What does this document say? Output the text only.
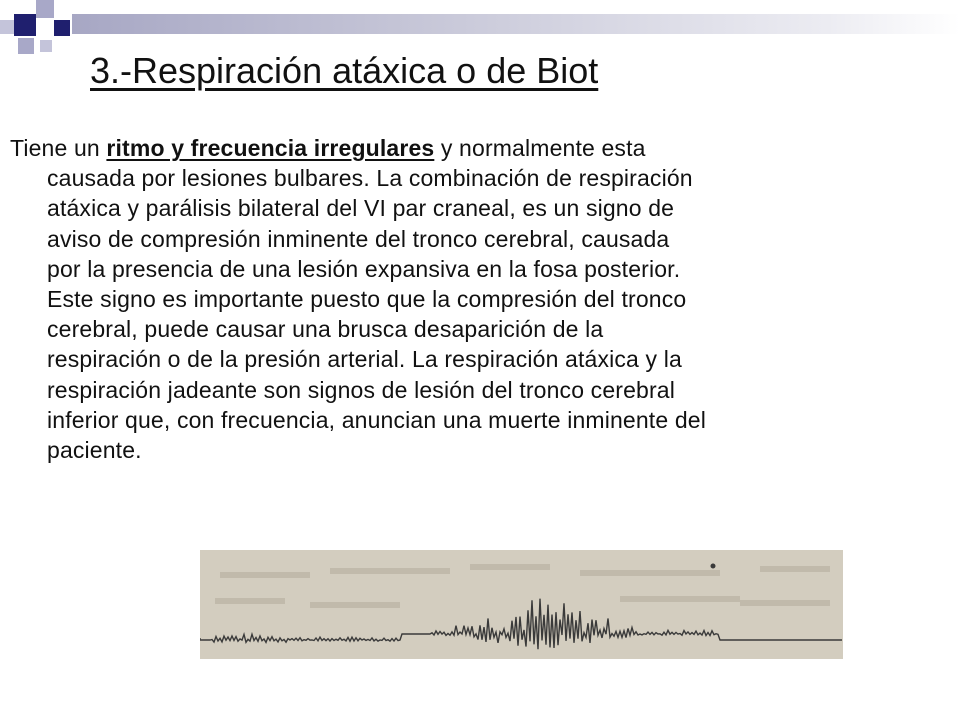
3.-Respiración atáxica o de Biot
Tiene un ritmo y frecuencia irregulares y normalmente esta
causada por lesiones bulbares. La combinación de respiración
atáxica y parálisis bilateral del VI par craneal, es un signo de
aviso de compresión inminente del tronco cerebral, causada
por la presencia de una lesión expansiva en la fosa posterior.
Este signo es importante puesto que la compresión del tronco
cerebral, puede causar una brusca desaparición de la
respiración o de la presión arterial. La respiración atáxica y la
respiración jadeante son signos de lesión del tronco cerebral
inferior que, con frecuencia, anuncian una muerte inminente del
paciente.
